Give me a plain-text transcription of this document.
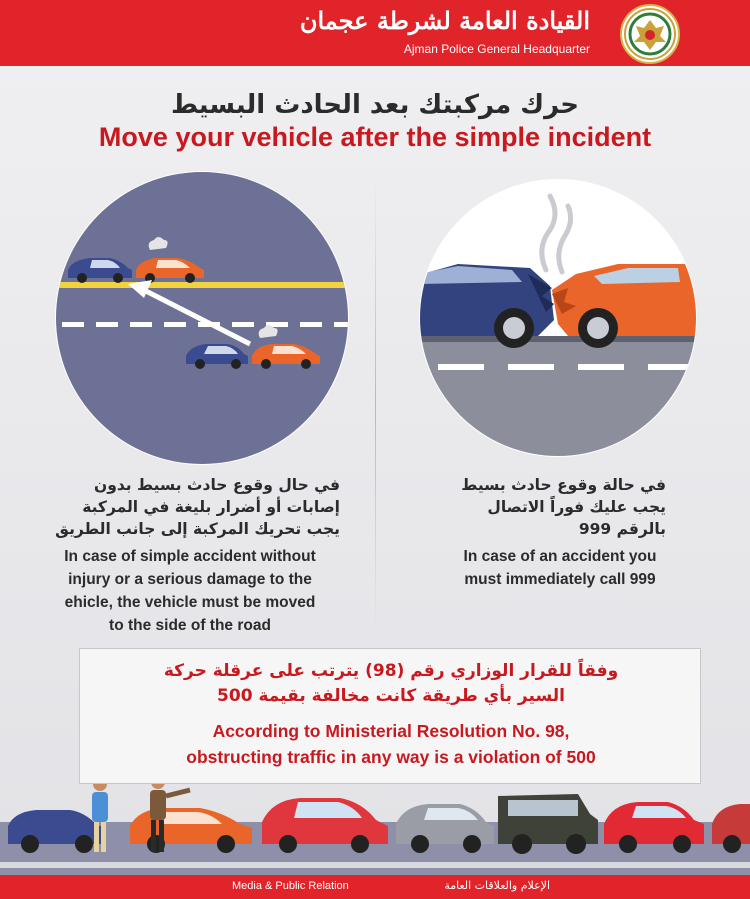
القيادة العامة لشرطة عجمان
Ajman Police General Headquarter
حرك مركبتك بعد الحادث البسيط
Move your vehicle after the simple incident
في حال وقوع حادث بسيط بدون
إصابات أو أضرار بليغة في المركبة
يجب تحريك المركبة إلى جانب الطريق
In case of simple accident without
injury or a serious damage to the
ehicle, the vehicle must be moved
to the side of the road
في حالة وقوع حادث بسيط
يجب عليك فوراً الاتصال
بالرقم 999
In case of an accident you
must immediately call 999
وفقاً للقرار الوزاري رقم (98) يترتب على عرقلة حركة
السير بأي طريقة كانت مخالفة بقيمة 500
According to Ministerial Resolution No. 98,
obstructing traffic in any way is a violation of 500
Media & Public Relation	الإعلام والعلاقات العامة
